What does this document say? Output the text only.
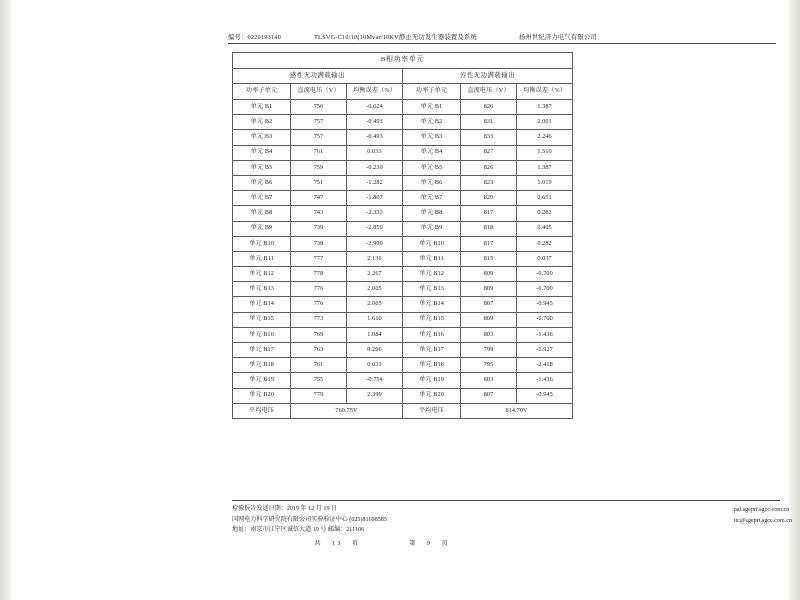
编号：0220193140	TLSVG-C10/10(10Mvar/10KV静止无功发生器装置及系统	扬州世纪济力电气有限公司
B相功率单元					
感性无功满载输出			容性无功满载输出		
功率子单元	直流电压（V）	均衡误差（%）	功率子单元	直流电压（V）	均衡误差（%）
单元 B1	756	-0.624	单元 B1	826	1.387
单元 B2	757	-0.493	单元 B2	831	2.001
单元 B3	757	-0.493	单元 B3	833	2.246
单元 B4	761	0.033	单元 B4	827	1.510
单元 B5	759	-0.230	单元 B5	826	1.387
单元 B6	751	-1.282	单元 B6	823	1.019
单元 B7	747	-1.807	单元 B7	820	0.651
单元 B8	743	-2.333	单元 B8	817	0.282
单元 B9	739	-2.859	单元 B9	818	0.405
单元 B10	738	-2.990	单元 B10	817	0.282
单元 B11	777	2.136	单元 B11	815	0.037
单元 B12	778	2.267	单元 B12	809	-0.700
单元 B13	776	2.005	单元 B13	809	-0.700
单元 B14	776	2.005	单元 B14	807	-0.945
单元 B15	773	1.610	单元 B15	809	-0.700
单元 B16	769	1.084	单元 B16	803	-1.436
单元 B17	763	0.296	单元 B17	799	-1.927
单元 B18	761	0.033	单元 B18	795	-2.418
单元 B19	755	-0.754	单元 B19	803	-1.436
单元 B20	779	2.399	单元 B20	807	-0.945
平均电压	760.75V		平均电压	814.70V	
检验报告发送日期：2019 年 12 月 19 日
国网电力科学研究院有限公司实验验证中心 (025)81698585
地址：南京市江宁区诚信大道 19 号 邮编：211106
pal.sgepri.sgcc.com.cn
itc@sgepri.sgcc.com.cn
共 13 页	第 9 页
